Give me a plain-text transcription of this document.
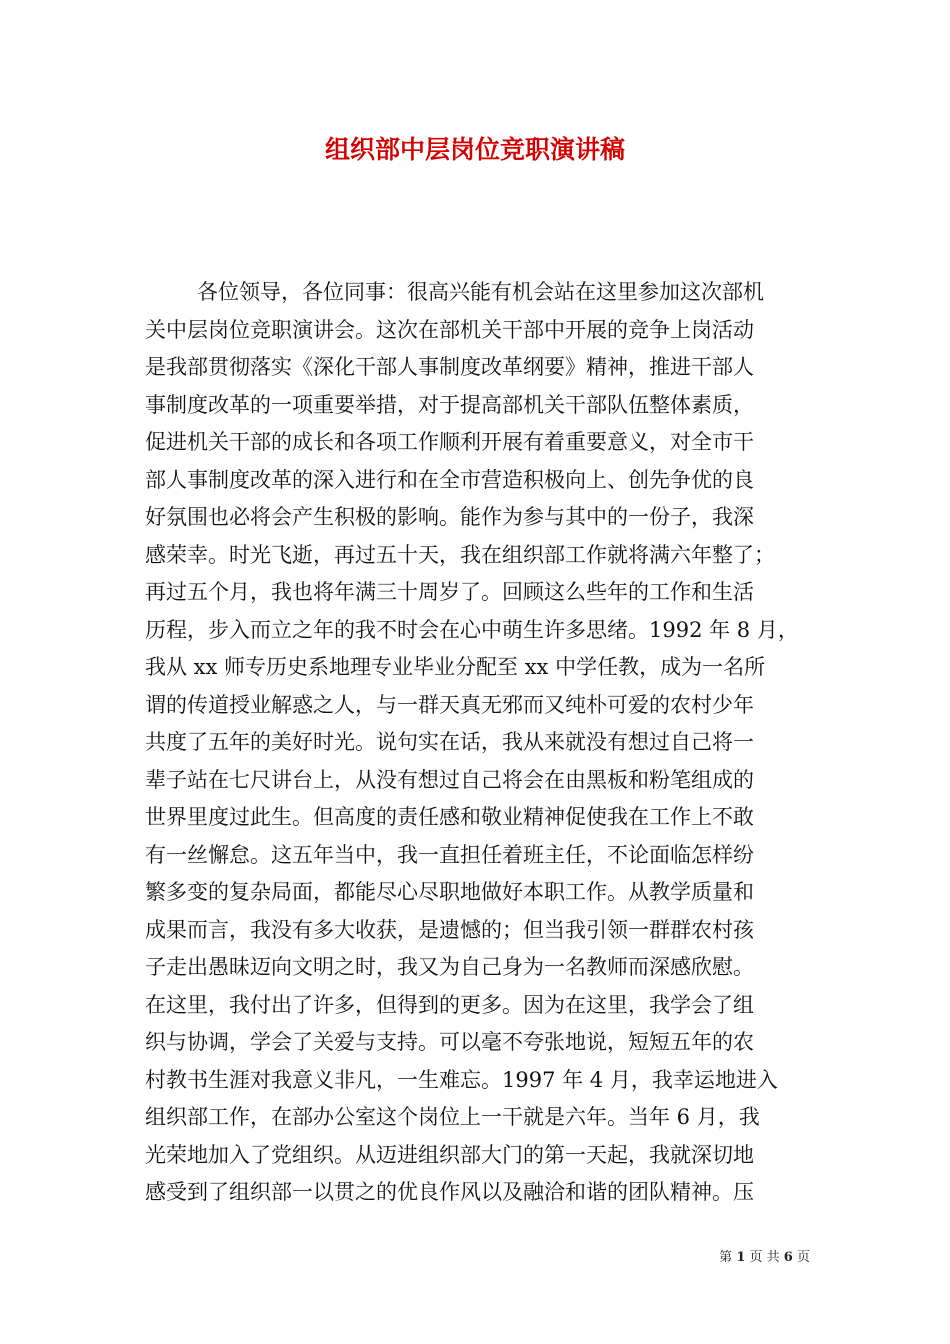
组织部中层岗位竞职演讲稿
各位领导，各位同事：很高兴能有机会站在这里参加这次部机
关中层岗位竞职演讲会。这次在部机关干部中开展的竞争上岗活动
是我部贯彻落实《深化干部人事制度改革纲要》精神，推进干部人
事制度改革的一项重要举措，对于提高部机关干部队伍整体素质，
促进机关干部的成长和各项工作顺利开展有着重要意义，对全市干
部人事制度改革的深入进行和在全市营造积极向上、创先争优的良
好氛围也必将会产生积极的影响。能作为参与其中的一份子，我深
感荣幸。时光飞逝，再过五十天，我在组织部工作就将满六年整了；
再过五个月，我也将年满三十周岁了。回顾这么些年的工作和生活
历程，步入而立之年的我不时会在心中萌生许多思绪。1992 年 8 月，
我从 xx 师专历史系地理专业毕业分配至 xx 中学任教，成为一名所
谓的传道授业解惑之人，与一群天真无邪而又纯朴可爱的农村少年
共度了五年的美好时光。说句实在话，我从来就没有想过自己将一
辈子站在七尺讲台上，从没有想过自己将会在由黑板和粉笔组成的
世界里度过此生。但高度的责任感和敬业精神促使我在工作上不敢
有一丝懈怠。这五年当中，我一直担任着班主任，不论面临怎样纷
繁多变的复杂局面，都能尽心尽职地做好本职工作。从教学质量和
成果而言，我没有多大收获，是遗憾的；但当我引领一群群农村孩
子走出愚昧迈向文明之时，我又为自己身为一名教师而深感欣慰。
在这里，我付出了许多，但得到的更多。因为在这里，我学会了组
织与协调，学会了关爱与支持。可以毫不夸张地说，短短五年的农
村教书生涯对我意义非凡，一生难忘。1997 年 4 月，我幸运地进入
组织部工作，在部办公室这个岗位上一干就是六年。当年 6 月，我
光荣地加入了党组织。从迈进组织部大门的第一天起，我就深切地
感受到了组织部一以贯之的优良作风以及融洽和谐的团队精神。压
第 1 页 共 6 页
